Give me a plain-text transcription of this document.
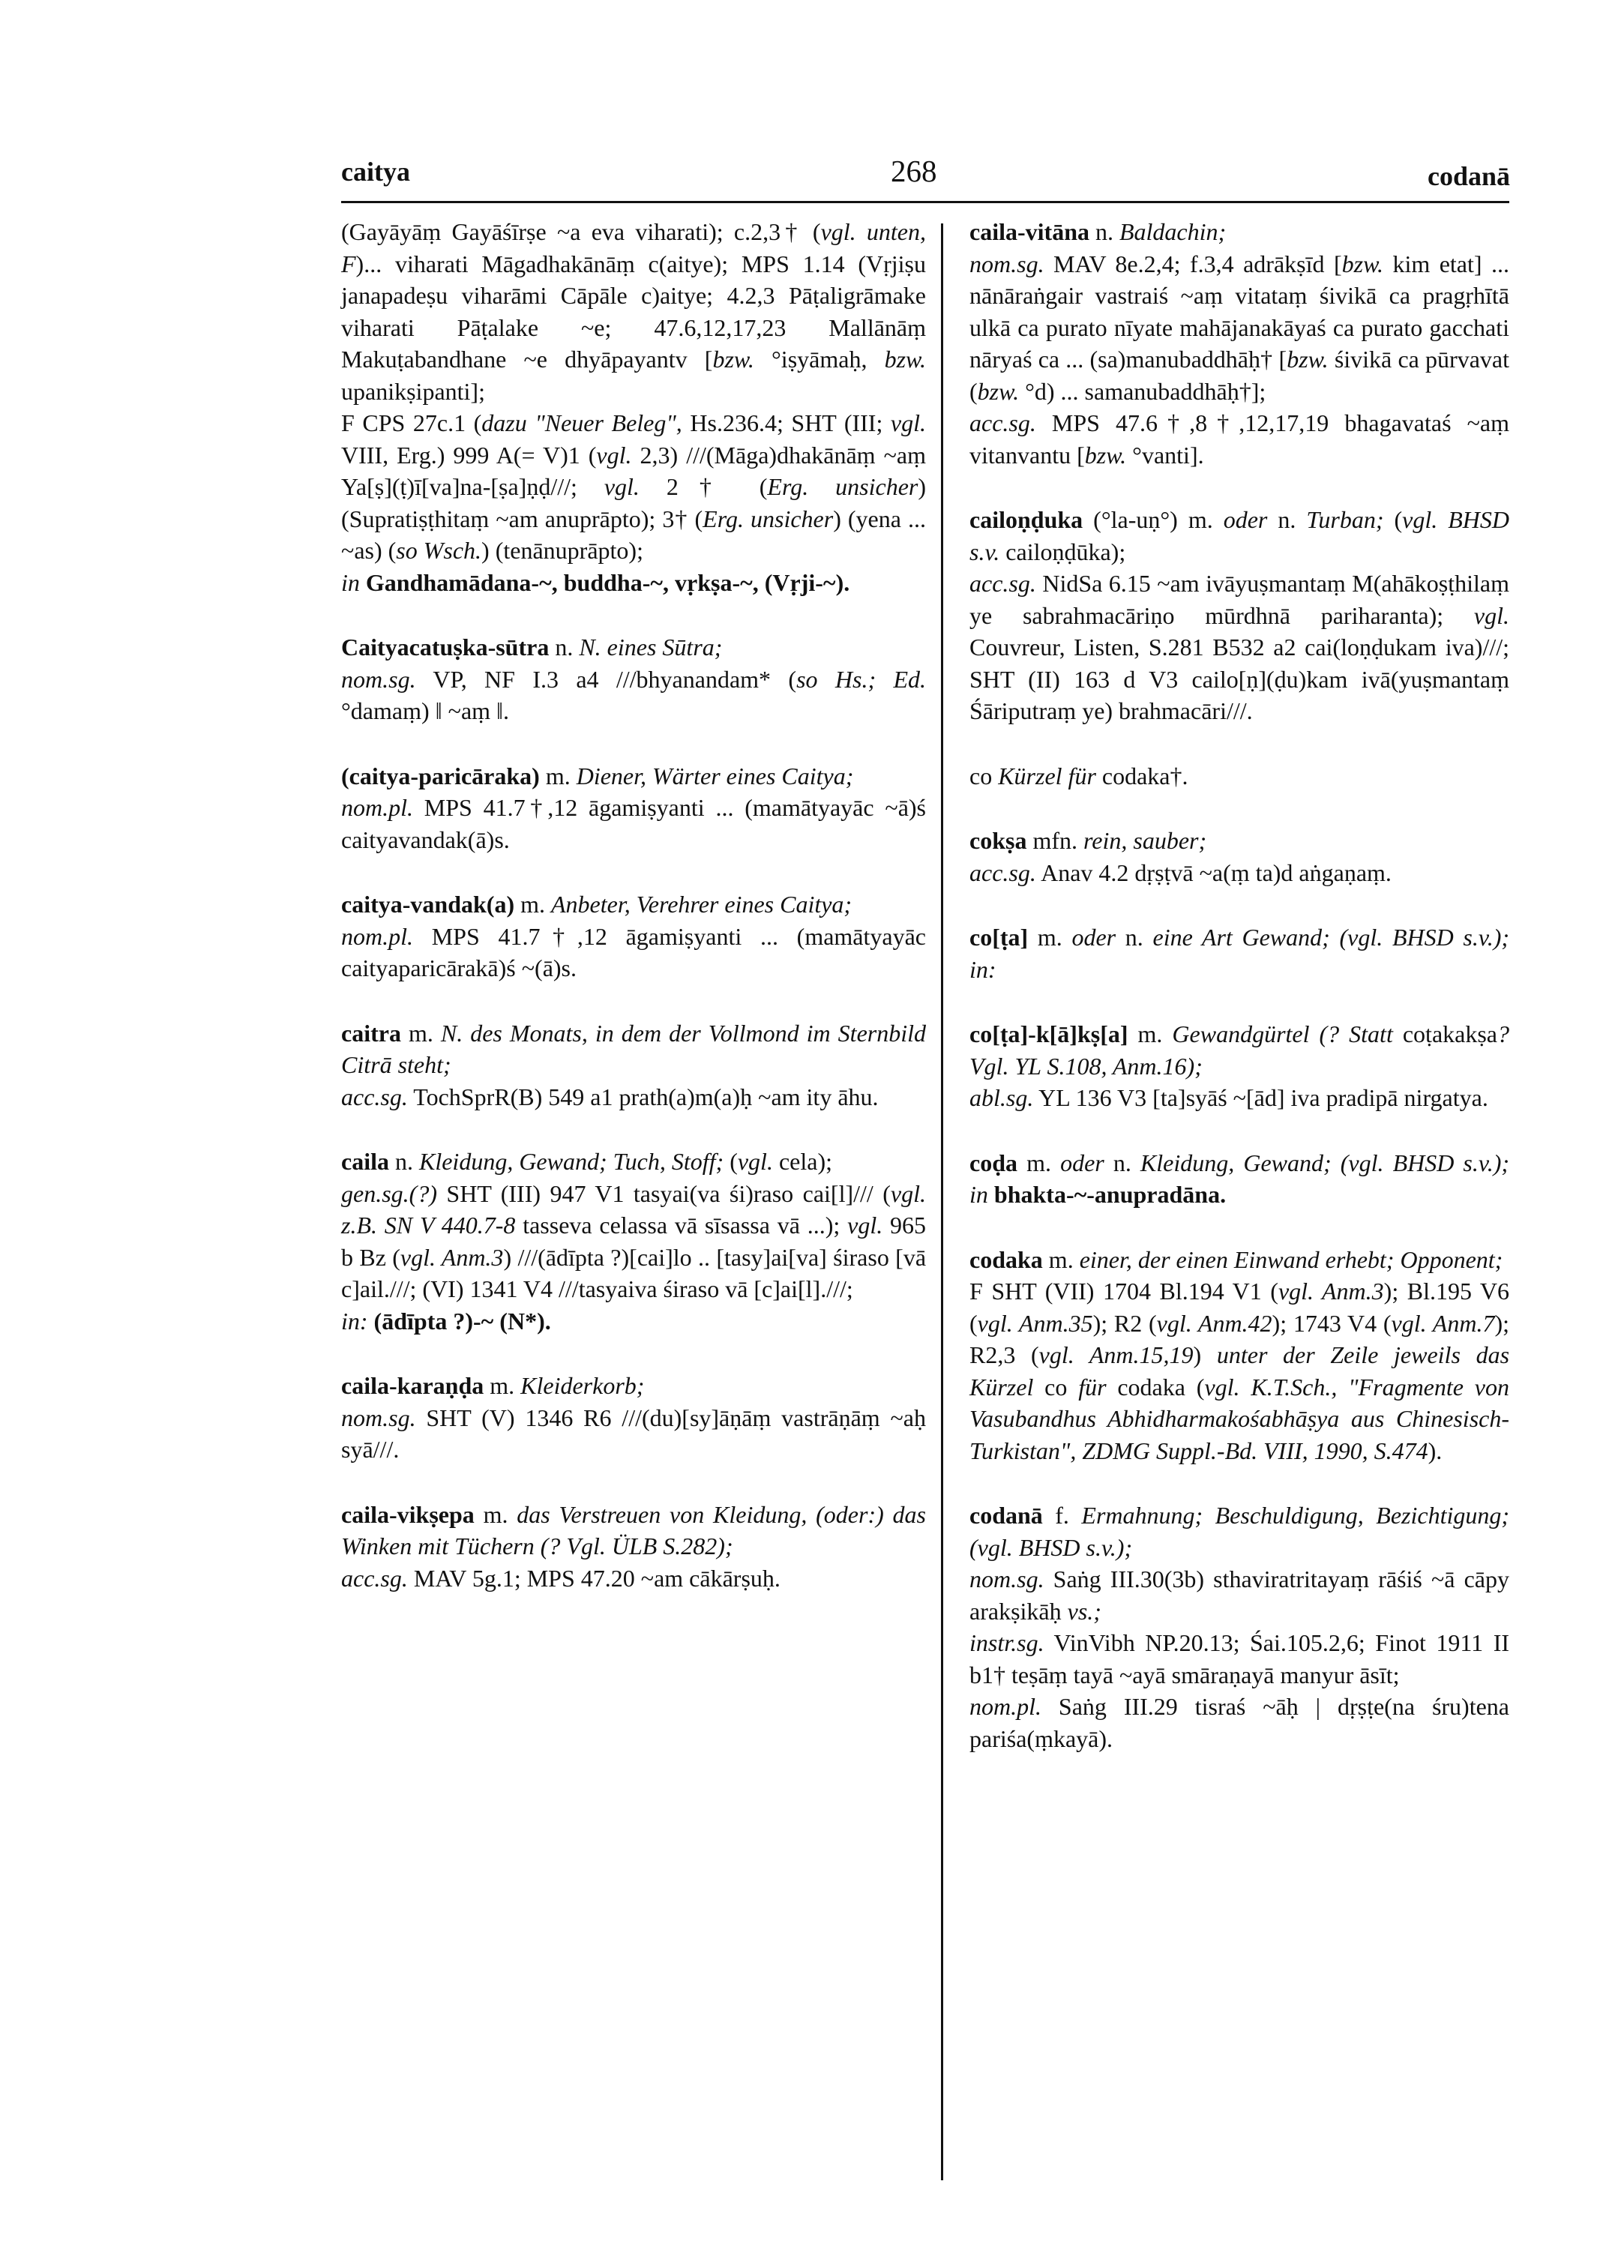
caitya	268	codanā

(Gayāyāṃ Gayāśīrṣe ~a eva viharati); c.2,3† (vgl. unten, F)... viharati Māgadhakānāṃ c(aitye); MPS 1.14 (Vṛjiṣu janapadeṣu viharāmi Cāpāle c)aitye; 4.2,3 Pāṭaligrāmake viharati Pāṭalake ~e; 47.6,12,17,23 Mallānāṃ Makuṭabandhane ~e dhyāpayantv [bzw. °iṣyāmaḥ, bzw. upanikṣipanti];

F CPS 27c.1 (dazu "Neuer Beleg", Hs.236.4; SHT (III; vgl. VIII, Erg.) 999 A(= V)1 (vgl. 2,3) ///(Māga)dhakānāṃ ~aṃ Ya[ṣ](ṭ)ī[va]na-[ṣa]ṇḍ///; vgl. 2† (Erg. unsicher) (Supratiṣṭhitaṃ ~am anuprāpto); 3† (Erg. unsicher) (yena ... ~as) (so Wsch.) (tenānuprāpto);

in Gandhamādana-~, buddha-~, vṛkṣa-~, (Vṛji-~).

Caityacatuṣka-sūtra n. N. eines Sūtra;

nom.sg. VP, NF I.3 a4 ///bhyanandam* (so Hs.; Ed. °damaṃ) ‖ ~aṃ ‖.

(caitya-paricāraka) m. Diener, Wärter eines Caitya;

nom.pl. MPS 41.7†,12 āgamiṣyanti ... (mamātyayāc ~ā)ś caityavandak(ā)s.

caitya-vandak(a) m. Anbeter, Verehrer eines Caitya;

nom.pl. MPS 41.7†,12 āgamiṣyanti ... (mamātyayāc caityaparicārakā)ś ~(ā)s.

caitra m. N. des Monats, in dem der Vollmond im Sternbild Citrā steht;

acc.sg. TochSprR(B) 549 a1 prath(a)m(a)ḥ ~am ity āhu.

caila n. Kleidung, Gewand; Tuch, Stoff; (vgl. cela);

gen.sg.(?) SHT (III) 947 V1 tasyai(va śi)raso cai[l]/// (vgl. z.B. SN V 440.7-8 tasseva celassa vā sīsassa vā ...); vgl. 965 b Bz (vgl. Anm.3) ///(ādīpta ?)[cai]lo .. [tasy]ai[va] śiraso [vā c]ail.///; (VI) 1341 V4 ///tasyaiva śiraso vā [c]ai[l].///;

in: (ādīpta ?)-~ (N*).

caila-karaṇḍa m. Kleiderkorb;

nom.sg. SHT (V) 1346 R6 ///(du)[sy]āṇāṃ vastrāṇāṃ ~aḥ syā///.

caila-vikṣepa m. das Verstreuen von Kleidung, (oder:) das Winken mit Tüchern (? Vgl. ÜLB S.282);

acc.sg. MAV 5g.1; MPS 47.20 ~am cākārṣuḥ.

caila-vitāna n. Baldachin;

nom.sg. MAV 8e.2,4; f.3,4 adrākṣīd [bzw. kim etat] ... nānāraṅgair vastraiś ~aṃ vitataṃ śivikā ca pragṛhītā ulkā ca purato nīyate mahājanakāyaś ca purato gacchati nāryaś ca ... (sa)manubaddhāḥ† [bzw. śivikā ca pūrvavat (bzw. °d) ... samanubaddhāḥ†];

acc.sg. MPS 47.6†,8†,12,17,19 bhagavataś ~aṃ vitanvantu [bzw. °vanti].

cailoṇḍuka (°la-uṇ°) m. oder n. Turban; (vgl. BHSD s.v. cailoṇḍūka);

acc.sg. NidSa 6.15 ~am ivāyuṣmantaṃ M(ahākoṣṭhilaṃ ye sabrahmacāriṇo mūrdhnā pariharanta); vgl. Couvreur, Listen, S.281 B532 a2 cai(loṇḍukam iva)///; SHT (II) 163 d V3 cailo[ṇ](ḍu)kam ivā(yuṣmantaṃ Śāriputraṃ ye) brahmacāri///.

co Kürzel für codaka†.

cokṣa mfn. rein, sauber;

acc.sg. Anav 4.2 dṛṣṭvā ~a(ṃ ta)d aṅgaṇaṃ.

co[ṭa] m. oder n. eine Art Gewand; (vgl. BHSD s.v.); in:

co[ṭa]-k[ā]kṣ[a] m. Gewandgürtel (? Statt coṭakakṣa? Vgl. YL S.108, Anm.16);

abl.sg. YL 136 V3 [ta]syāś ~[ād] iva pradipā nirgatya.

coḍa m. oder n. Kleidung, Gewand; (vgl. BHSD s.v.); in bhakta-~-anupradāna.

codaka m. einer, der einen Einwand erhebt; Opponent;

F SHT (VII) 1704 Bl.194 V1 (vgl. Anm.3); Bl.195 V6 (vgl. Anm.35); R2 (vgl. Anm.42); 1743 V4 (vgl. Anm.7); R2,3 (vgl. Anm.15,19) unter der Zeile jeweils das Kürzel co für codaka (vgl. K.T.Sch., "Fragmente von Vasubandhus Abhidharmakośabhāṣya aus Chinesisch-Turkistan", ZDMG Suppl.-Bd. VIII, 1990, S.474).

codanā f. Ermahnung; Beschuldigung, Bezichtigung; (vgl. BHSD s.v.);

nom.sg. Saṅg III.30(3b) sthaviratritayaṃ rāśiś ~ā cāpy arakṣikāḥ vs.;

instr.sg. VinVibh NP.20.13; Śai.105.2,6; Finot 1911 II b1† teṣāṃ tayā ~ayā smāraṇayā manyur āsīt;

nom.pl. Saṅg III.29 tisraś ~āḥ | dṛṣṭe(na śru)tena pariśa(ṃkayā).
